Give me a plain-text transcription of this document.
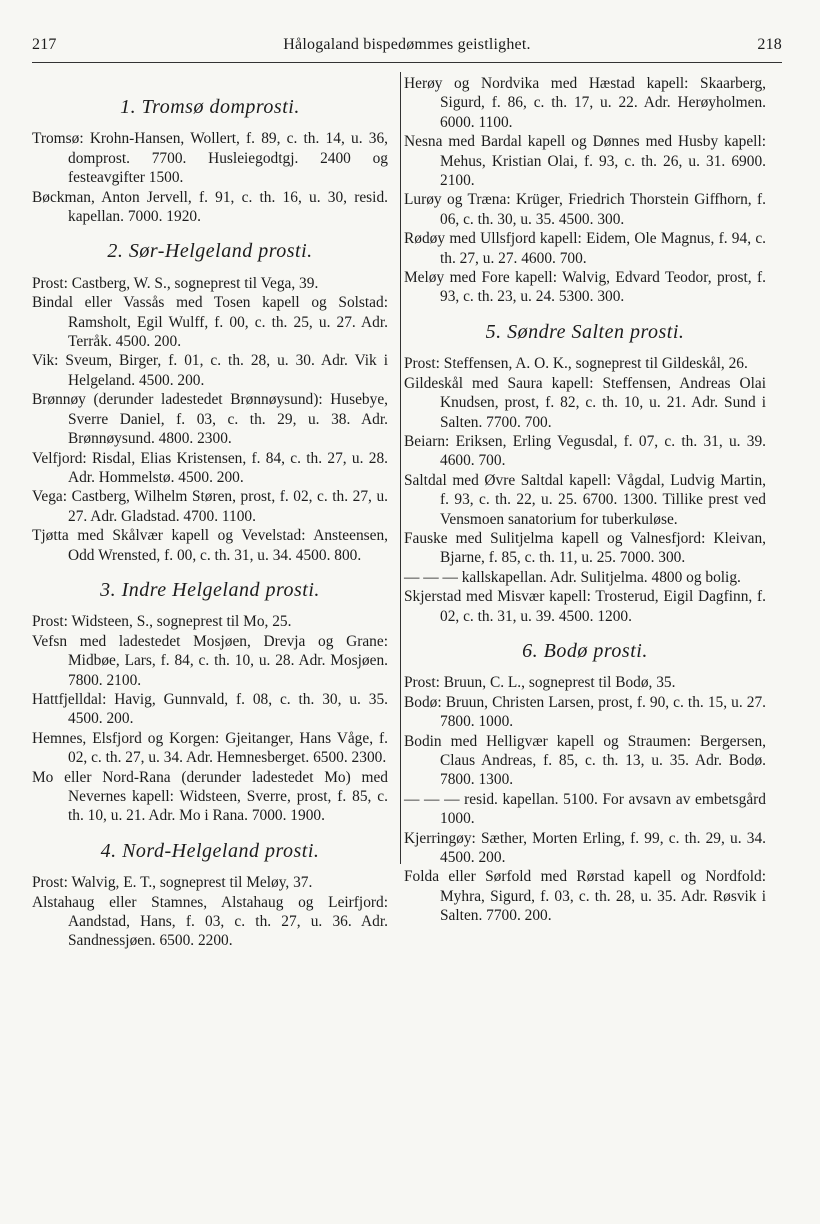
217	Hålogaland bispedømmes geistlighet.	218
1. Tromsø domprosti.

Tromsø: Krohn-Hansen, Wollert, f. 89, c. th. 14, u. 36, domprost. 7700. Husleiegodtgj. 2400 og festeavgifter 1500.

Bøckman, Anton Jervell, f. 91, c. th. 16, u. 30, resid. kapellan. 7000. 1920.

2. Sør-Helgeland prosti.

Prost: Castberg, W. S., sogneprest til Vega, 39.

Bindal eller Vassås med Tosen kapell og Solstad: Ramsholt, Egil Wulff, f. 00, c. th. 25, u. 27. Adr. Terråk. 4500. 200.

Vik: Sveum, Birger, f. 01, c. th. 28, u. 30. Adr. Vik i Helgeland. 4500. 200.

Brønnøy (derunder ladestedet Brønnøysund): Husebye, Sverre Daniel, f. 03, c. th. 29, u. 38. Adr. Brønnøysund. 4800. 2300.

Velfjord: Risdal, Elias Kristensen, f. 84, c. th. 27, u. 28. Adr. Hommelstø. 4500. 200.

Vega: Castberg, Wilhelm Støren, prost, f. 02, c. th. 27, u. 27. Adr. Gladstad. 4700. 1100.

Tjøtta med Skålvær kapell og Vevelstad: Ansteensen, Odd Wrensted, f. 00, c. th. 31, u. 34. 4500. 800.

3. Indre Helgeland prosti.

Prost: Widsteen, S., sogneprest til Mo, 25.

Vefsn med ladestedet Mosjøen, Drevja og Grane: Midbøe, Lars, f. 84, c. th. 10, u. 28. Adr. Mosjøen. 7800. 2100.

Hattfjelldal: Havig, Gunnvald, f. 08, c. th. 30, u. 35. 4500. 200.

Hemnes, Elsfjord og Korgen: Gjeitanger, Hans Våge, f. 02, c. th. 27, u. 34. Adr. Hemnesberget. 6500. 2300.

Mo eller Nord-Rana (derunder ladestedet Mo) med Nevernes kapell: Widsteen, Sverre, prost, f. 85, c. th. 10, u. 21. Adr. Mo i Rana. 7000. 1900.

4. Nord-Helgeland prosti.

Prost: Walvig, E. T., sogneprest til Meløy, 37.

Alstahaug eller Stamnes, Alstahaug og Leirfjord: Aandstad, Hans, f. 03, c. th. 27, u. 36. Adr. Sandnessjøen. 6500. 2200.

Herøy og Nordvika med Hæstad kapell: Skaarberg, Sigurd, f. 86, c. th. 17, u. 22. Adr. Herøyholmen. 6000. 1100.

Nesna med Bardal kapell og Dønnes med Husby kapell: Mehus, Kristian Olai, f. 93, c. th. 26, u. 31. 6900. 2100.

Lurøy og Træna: Krüger, Friedrich Thorstein Giffhorn, f. 06, c. th. 30, u. 35. 4500. 300.

Rødøy med Ullsfjord kapell: Eidem, Ole Magnus, f. 94, c. th. 27, u. 27. 4600. 700.

Meløy med Fore kapell: Walvig, Edvard Teodor, prost, f. 93, c. th. 23, u. 24. 5300. 300.

5. Søndre Salten prosti.

Prost: Steffensen, A. O. K., sogneprest til Gildeskål, 26.

Gildeskål med Saura kapell: Steffensen, Andreas Olai Knudsen, prost, f. 82, c. th. 10, u. 21. Adr. Sund i Salten. 7700. 700.

Beiarn: Eriksen, Erling Vegusdal, f. 07, c. th. 31, u. 39. 4600. 700.

Saltdal med Øvre Saltdal kapell: Vågdal, Ludvig Martin, f. 93, c. th. 22, u. 25. 6700. 1300. Tillike prest ved Vensmoen sanatorium for tuberkuløse.

Fauske med Sulitjelma kapell og Valnesfjord: Kleivan, Bjarne, f. 85, c. th. 11, u. 25. 7000. 300.

— — — kallskapellan. Adr. Sulitjelma. 4800 og bolig.

Skjerstad med Misvær kapell: Trosterud, Eigil Dagfinn, f. 02, c. th. 31, u. 39. 4500. 1200.

6. Bodø prosti.

Prost: Bruun, C. L., sogneprest til Bodø, 35.

Bodø: Bruun, Christen Larsen, prost, f. 90, c. th. 15, u. 27. 7800. 1000.

Bodin med Helligvær kapell og Straumen: Bergersen, Claus Andreas, f. 85, c. th. 13, u. 35. Adr. Bodø. 7800. 1300.

— — — resid. kapellan. 5100. For avsavn av embetsgård 1000.

Kjerringøy: Sæther, Morten Erling, f. 99, c. th. 29, u. 34. 4500. 200.

Folda eller Sørfold med Rørstad kapell og Nordfold: Myhra, Sigurd, f. 03, c. th. 28, u. 35. Adr. Røsvik i Salten. 7700. 200.
